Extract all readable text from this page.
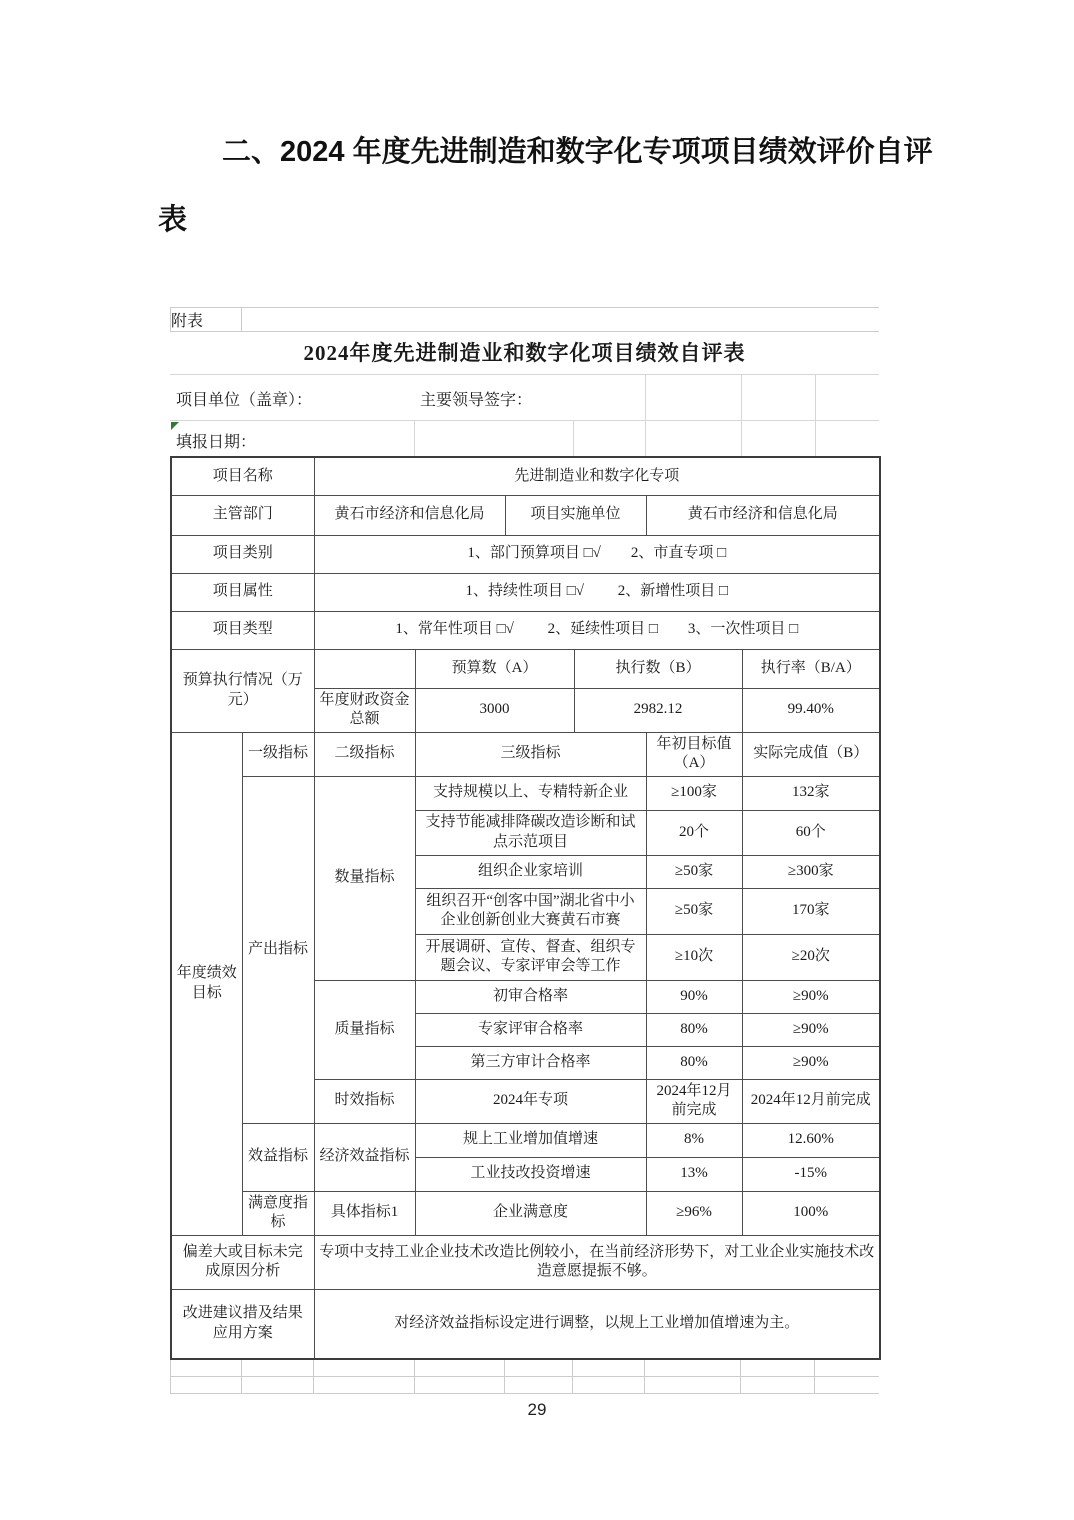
二、2024 年度先进制造和数字化专项项目绩效评价自评表
附表
2024年度先进制造业和数字化项目绩效自评表
项目单位（盖章）：	主要领导签字：
填报日期：
项目名称		先进制造业和数字化专项					
主管部门		黄石市经济和信息化局		项目实施单位		黄石市经济和信息化局	
项目类别		1、部门预算项目 □√　　2、市直专项 □					
项目属性		1、持续性项目 □√　　 2、新增性项目 □					
项目类型		1、常年性项目 □√　　 2、延续性项目 □　　3、一次性项目 □					
预算执行情况（万元）			预算数（A）		执行数（B）		执行率（B/A）
		年度财政资金总额	3000		2982.12		99.40%
年度绩效目标	一级指标	二级指标	三级指标			年初目标值（A）	实际完成值（B）
	产出指标	数量指标	支持规模以上、专精特新企业			≥100家	132家
			支持节能减排降碳改造诊断和试点示范项目			20个	60个
			组织企业家培训			≥50家	≥300家
			组织召开“创客中国”湖北省中小企业创新创业大赛黄石市赛			≥50家	170家
			开展调研、宣传、督查、组织专题会议、专家评审会等工作			≥10次	≥20次
		质量指标	初审合格率			90%	≥90%
			专家评审合格率			80%	≥90%
			第三方审计合格率			80%	≥90%
		时效指标	2024年专项			2024年12月前完成	2024年12月前完成
	效益指标	经济效益指标	规上工业增加值增速			8%	12.60%
			工业技改投资增速			13%	-15%
	满意度指标	具体指标1	企业满意度			≥96%	100%
偏差大或目标未完成原因分析		专项中支持工业企业技术改造比例较小，在当前经济形势下，对工业企业实施技术改造意愿提振不够。					
改进建议措及结果应用方案		对经济效益指标设定进行调整，以规上工业增加值增速为主。					
29
